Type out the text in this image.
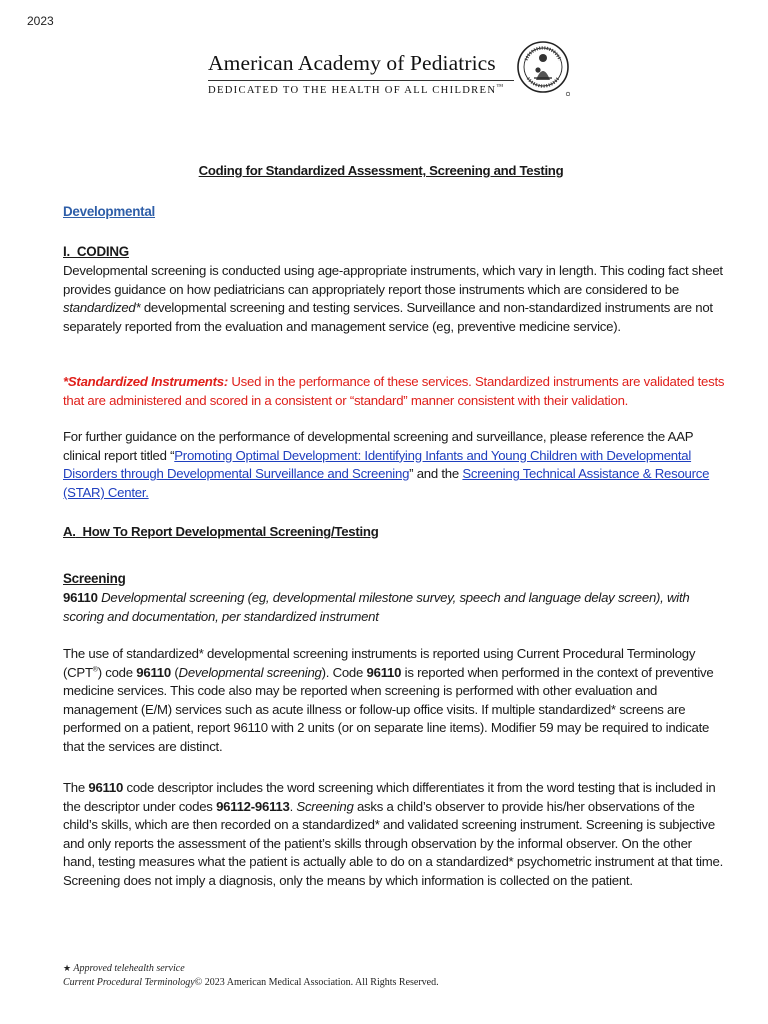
2023
American Academy of Pediatrics
DEDICATED TO THE HEALTH OF ALL CHILDREN™
Coding for Standardized Assessment, Screening and Testing
Developmental
I.  CODING
Developmental screening is conducted using age-appropriate instruments, which vary in length. This coding fact sheet provides guidance on how pediatricians can appropriately report those instruments which are considered to be standardized* developmental screening and testing services. Surveillance and non-standardized instruments are not separately reported from the evaluation and management service (eg, preventive medicine service).
*Standardized Instruments: Used in the performance of these services. Standardized instruments are validated tests that are administered and scored in a consistent or “standard” manner consistent with their validation.
For further guidance on the performance of developmental screening and surveillance, please reference the AAP clinical report titled “Promoting Optimal Development: Identifying Infants and Young Children with Developmental Disorders through Developmental Surveillance and Screening” and the Screening Technical Assistance & Resource (STAR) Center.
A.  How To Report Developmental Screening/Testing
Screening
96110 Developmental screening (eg, developmental milestone survey, speech and language delay screen), with scoring and documentation, per standardized instrument
The use of standardized* developmental screening instruments is reported using Current Procedural Terminology (CPT®) code 96110 (Developmental screening). Code 96110 is reported when performed in the context of preventive medicine services. This code also may be reported when screening is performed with other evaluation and management (E/M) services such as acute illness or follow-up office visits. If multiple standardized* screens are performed on a patient, report 96110 with 2 units (or on separate line items). Modifier 59 may be required to indicate that the services are distinct.
The 96110 code descriptor includes the word screening which differentiates it from the word testing that is included in the descriptor under codes 96112-96113. Screening asks a child’s observer to provide his/her observations of the child’s skills, which are then recorded on a standardized* and validated screening instrument. Screening is subjective and only reports the assessment of the patient’s skills through observation by the informal observer. On the other hand, testing measures what the patient is actually able to do on a standardized* psychometric instrument at that time. Screening does not imply a diagnosis, only the means by which information is collected on the patient.
★ Approved telehealth service
Current Procedural Terminology© 2023 American Medical Association. All Rights Reserved.
